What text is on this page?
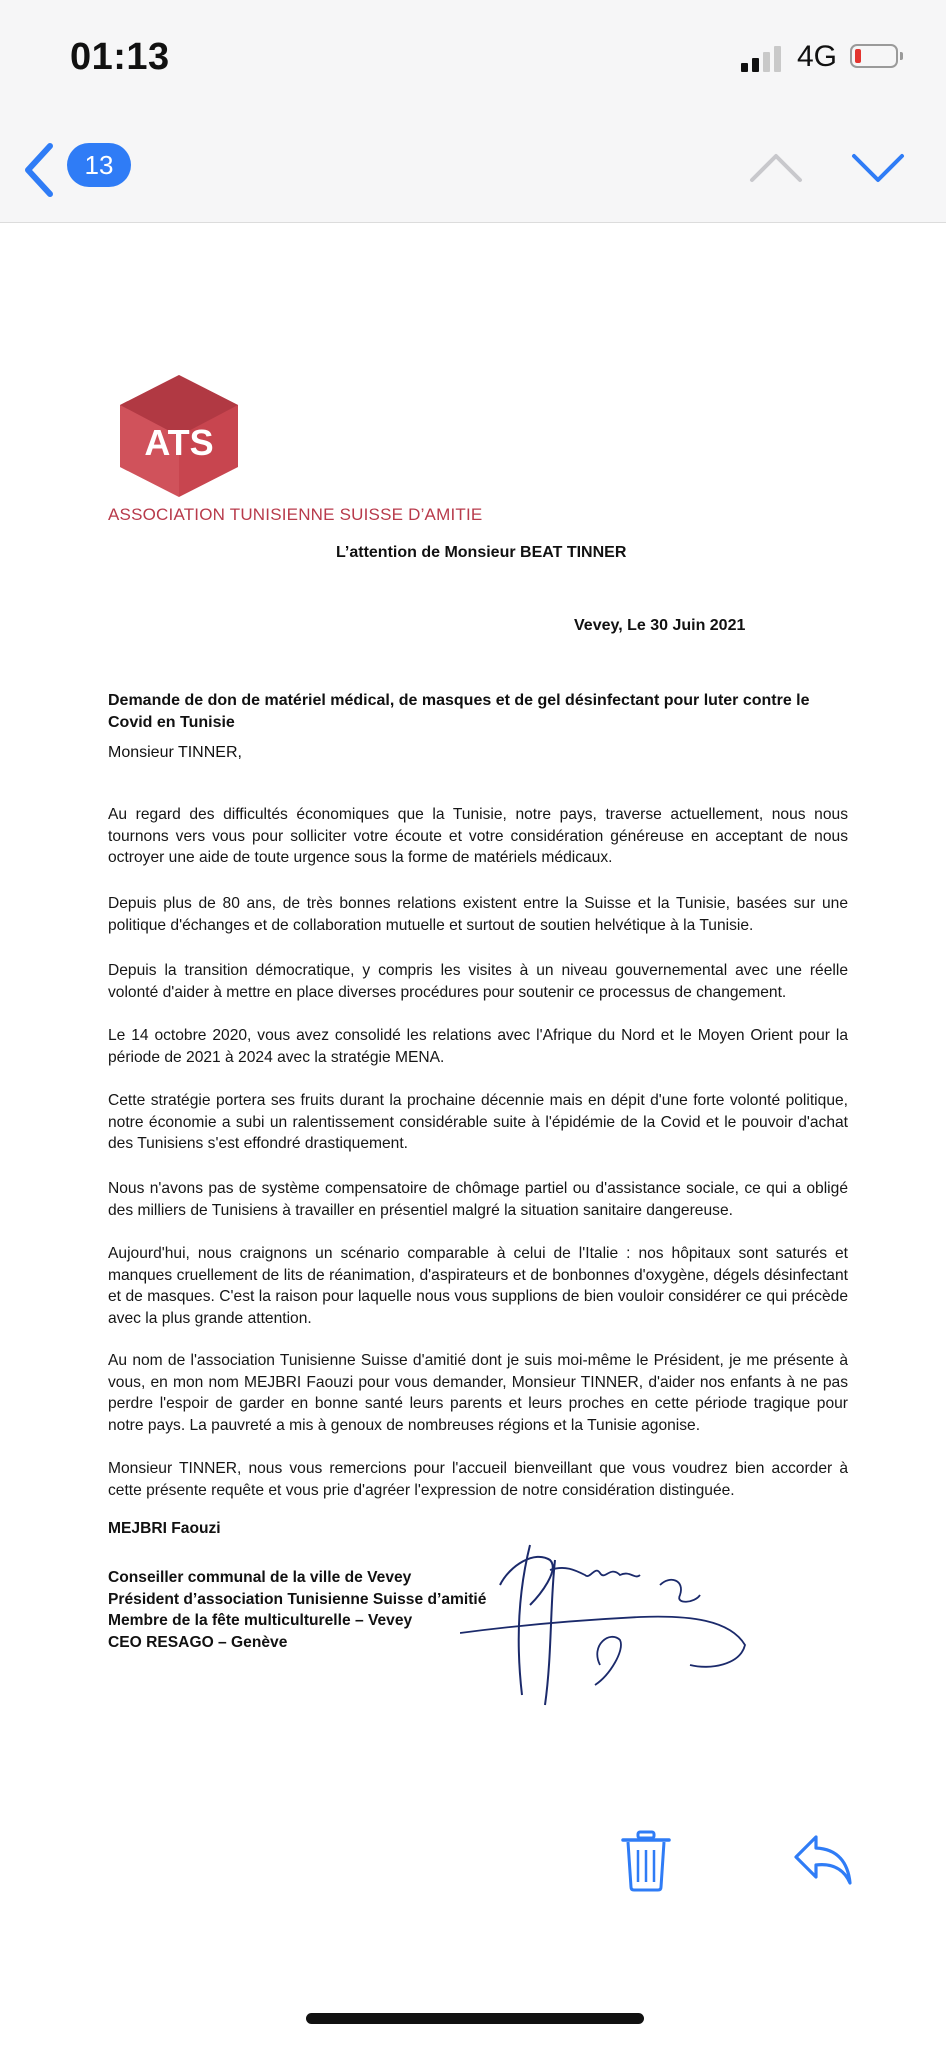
01:13	4G
13
ATS
ASSOCIATION TUNISIENNE SUISSE D’AMITIE
L’attention de Monsieur BEAT TINNER
Vevey, Le 30 Juin 2021
Demande de don de matériel médical, de masques et de gel désinfectant pour luter contre le Covid en Tunisie
Monsieur TINNER,
Au regard des difficultés économiques que la Tunisie, notre pays, traverse actuellement, nous nous tournons vers vous pour solliciter votre écoute et votre considération généreuse en acceptant de nous octroyer une aide de toute urgence sous la forme de matériels médicaux.
Depuis plus de 80 ans, de très bonnes relations existent entre la Suisse et la Tunisie, basées sur une politique d'échanges et de collaboration mutuelle et surtout de soutien helvétique à la Tunisie.
Depuis la transition démocratique, y compris les visites à un niveau gouvernemental avec une réelle volonté d'aider à mettre en place diverses procédures pour soutenir ce processus de changement.
Le 14 octobre 2020, vous avez consolidé les relations avec l'Afrique du Nord et le Moyen Orient pour la période de 2021 à 2024 avec la stratégie MENA.
Cette stratégie portera ses fruits durant la prochaine décennie mais en dépit d'une forte volonté politique, notre économie a subi un ralentissement considérable suite à l'épidémie de la Covid et le pouvoir d'achat des Tunisiens s'est effondré drastiquement.
Nous n'avons pas de système compensatoire de chômage partiel ou d'assistance sociale, ce qui a obligé des milliers de Tunisiens à travailler en présentiel malgré la situation sanitaire dangereuse.
Aujourd'hui, nous craignons un scénario comparable à celui de l'Italie : nos hôpitaux sont saturés et manques cruellement de lits de réanimation, d'aspirateurs et de bonbonnes d'oxygène, dégels désinfectant et de masques. C'est la raison pour laquelle nous vous supplions de bien vouloir considérer ce qui précède avec la plus grande attention.
Au nom de l'association Tunisienne Suisse d'amitié dont je suis moi-même le Président, je me présente à vous, en mon nom MEJBRI Faouzi pour vous demander, Monsieur TINNER, d'aider nos enfants à ne pas perdre l'espoir de garder en bonne santé leurs parents et leurs proches en cette période tragique pour notre pays. La pauvreté a mis à genoux de nombreuses régions et la Tunisie agonise.
Monsieur TINNER, nous vous remercions pour l'accueil bienveillant que vous voudrez bien accorder à cette présente requête et vous prie d'agréer l'expression de notre considération distinguée.
MEJBRI Faouzi
Conseiller communal de la ville de Vevey
Président d’association Tunisienne Suisse d’amitié
Membre de la fête multiculturelle – Vevey
CEO RESAGO – Genève
